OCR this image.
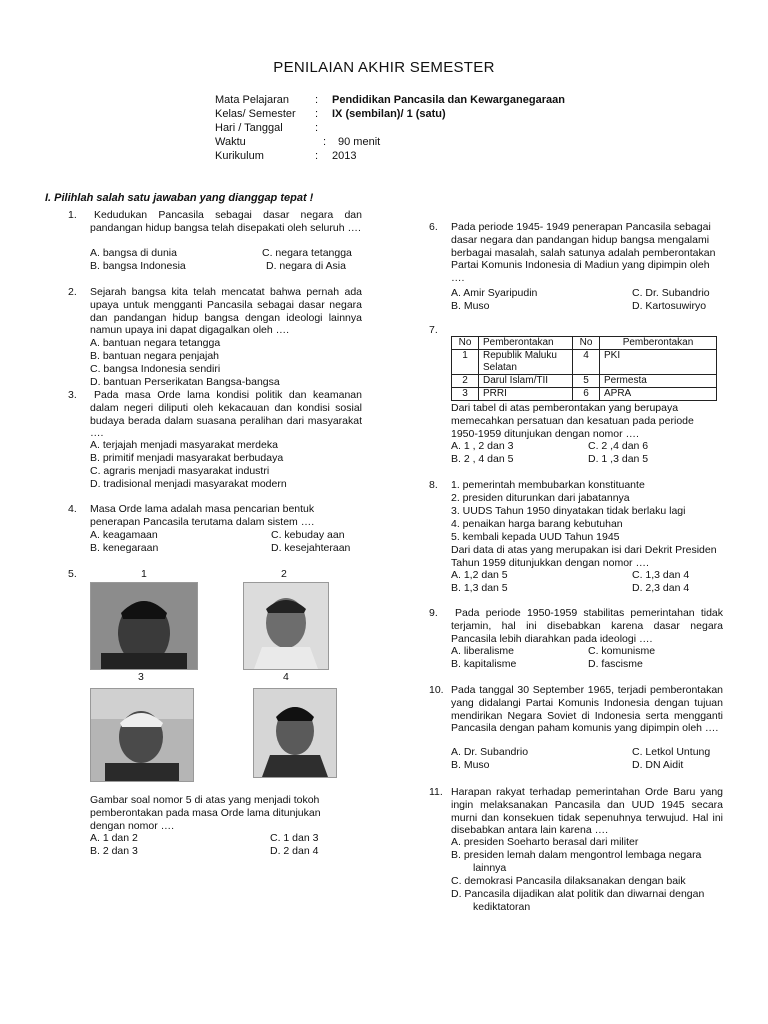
PENILAIAN AKHIR SEMESTER
Mata Pelajaran	: Pendidikan Pancasila dan Kewarganegaraan
Kelas/ Semester	: IX (sembilan)/ 1 (satu)
Hari / Tanggal	:
Waktu	: 90 menit
Kurikulum	: 2013
I. Pilihlah salah satu jawaban yang dianggap tepat !
1.	Kedudukan Pancasila sebagai dasar negara dan pandangan hidup bangsa telah disepakati oleh seluruh ….
A. bangsa di dunia	C. negara tetangga
B. bangsa Indonesia	D. negara di Asia
2. Sejarah bangsa kita telah mencatat bahwa pernah ada upaya untuk mengganti Pancasila sebagai dasar negara dan pandangan hidup bangsa dengan ideologi lainnya namun upaya ini dapat digagalkan oleh ….
A. bantuan negara tetangga
B. bantuan negara penjajah
C. bangsa Indonesia sendiri
D. bantuan Perserikatan Bangsa-bangsa
3.	Pada masa Orde lama kondisi politik dan keamanan dalam negeri diliputi oleh kekacauan dan kondisi sosial budaya berada dalam suasana peralihan dari masyarakat ….
A. terjajah menjadi masyarakat merdeka
B. primitif menjadi masyarakat berbudaya
C. agraris menjadi masyarakat industri
D. tradisional menjadi masyarakat modern
4. Masa Orde lama adalah masa pencarian bentuk penerapan Pancasila terutama dalam sistem ….
A. keagamaan	C. kebuday aan
B. kenegaraan	D. kesejahteraan
5.	1	2
3	4
Gambar soal nomor 5 di atas yang menjadi tokoh pemberontakan pada masa Orde lama ditunjukan dengan nomor ….
A. 1 dan 2	C. 1 dan 3
B. 2 dan 3	D. 2 dan 4
6. Pada periode 1945- 1949 penerapan Pancasila sebagai dasar negara dan pandangan hidup bangsa mengalami berbagai masalah, salah satunya adalah pemberontakan Partai Komunis Indonesia di Madiun yang dipimpin oleh ….
A. Amir Syaripudin	C. Dr. Subandrio
B. Muso	D. Kartosuwiryo
7.
No	Pemberontakan	No	Pemberontakan
1	Republik Maluku Selatan	4	PKI
2	Darul Islam/TII	5	Permesta
3	PRRI	6	APRA
Dari tabel di atas pemberontakan yang berupaya memecahkan persatuan dan kesatuan pada periode 1950-1959 ditunjukan dengan nomor ….
A. 1 , 2 dan 3	C. 2 ,4 dan 6
B. 2 , 4 dan 5	D. 1 ,3 dan 5
8. 1. pemerintah membubarkan konstituante
2. presiden diturunkan dari jabatannya
3. UUDS Tahun 1950 dinyatakan tidak berlaku lagi
4. penaikan harga barang kebutuhan
5. kembali kepada UUD Tahun 1945
Dari data di atas yang merupakan isi dari Dekrit Presiden Tahun 1959 ditunjukkan dengan nomor ….
A. 1,2 dan 5	C. 1,3 dan 4
B. 1,3 dan 5	D. 2,3 dan 4
9.	Pada periode 1950-1959 stabilitas pemerintahan tidak terjamin, hal ini disebabkan karena dasar negara Pancasila lebih diarahkan pada ideologi ….
A. liberalisme	C. komunisme
B. kapitalisme	D. fascisme
10. Pada tanggal 30 September 1965, terjadi pemberontakan yang didalangi Partai Komunis Indonesia dengan tujuan mendirikan Negara Soviet di Indonesia serta mengganti Pancasila dengan paham komunis yang dipimpin oleh ….
A. Dr. Subandrio	C. Letkol Untung
B. Muso	D. DN Aidit
11. Harapan rakyat terhadap pemerintahan Orde Baru yang ingin melaksanakan Pancasila dan UUD 1945 secara murni dan konsekuen tidak sepenuhnya terwujud. Hal ini disebabkan antara lain karena ….
A. presiden Soeharto berasal dari militer
B. presiden lemah dalam mengontrol lembaga negara lainnya
C. demokrasi Pancasila dilaksanakan dengan baik
D. Pancasila dijadikan alat politik dan diwarnai dengan kediktatoran
